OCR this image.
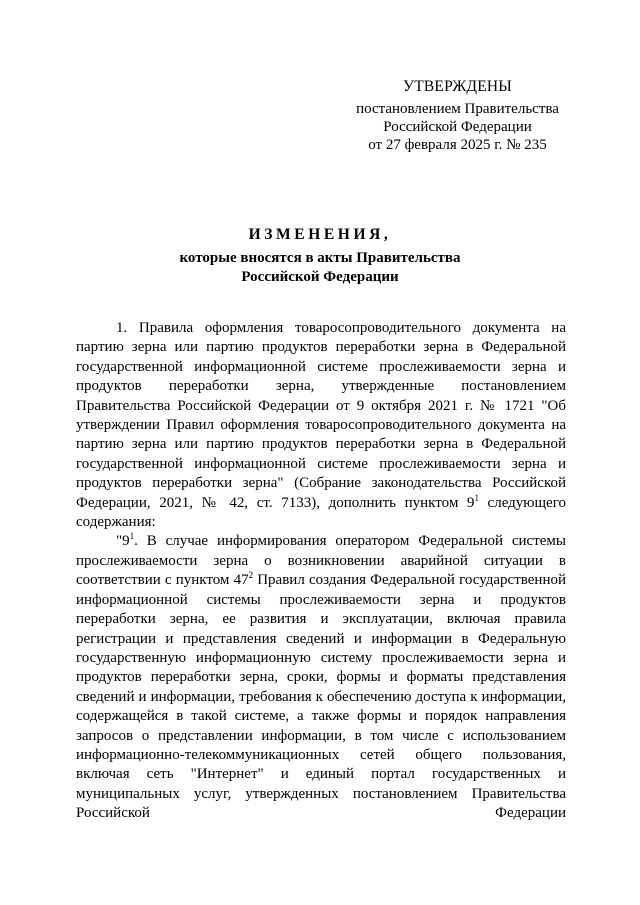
УТВЕРЖДЕНЫ
постановлением Правительства
Российской Федерации
от 27 февраля 2025 г. № 235
ИЗМЕНЕНИЯ,
которые вносятся в акты Правительства
Российской Федерации

1. Правила оформления товаросопроводительного документа на партию зерна или партию продуктов переработки зерна в Федеральной государственной информационной системе прослеживаемости зерна и продуктов переработки зерна, утвержденные постановлением Правительства Российской Федерации от 9 октября 2021 г. № 1721 "Об утверждении Правил оформления товаросопроводительного документа на партию зерна или партию продуктов переработки зерна в Федеральной государственной информационной системе прослеживаемости зерна и продуктов переработки зерна" (Собрание законодательства Российской Федерации, 2021, № 42, ст. 7133), дополнить пунктом $9^1$ следующего содержания:

"$9^1$. В случае информирования оператором Федеральной системы прослеживаемости зерна о возникновении аварийной ситуации в соответствии с пунктом $47^2$ Правил создания Федеральной государственной информационной системы прослеживаемости зерна и продуктов переработки зерна, ее развития и эксплуатации, включая правила регистрации и представления сведений и информации в Федеральную государственную информационную систему прослеживаемости зерна и продуктов переработки зерна, сроки, формы и форматы представления сведений и информации, требования к обеспечению доступа к информации, содержащейся в такой системе, а также формы и порядок направления запросов о представлении информации, в том числе с использованием информационно-телекоммуникационных сетей общего пользования, включая сеть "Интернет" и единый портал государственных и муниципальных услуг, утвержденных постановлением Правительства Российской Федерации
